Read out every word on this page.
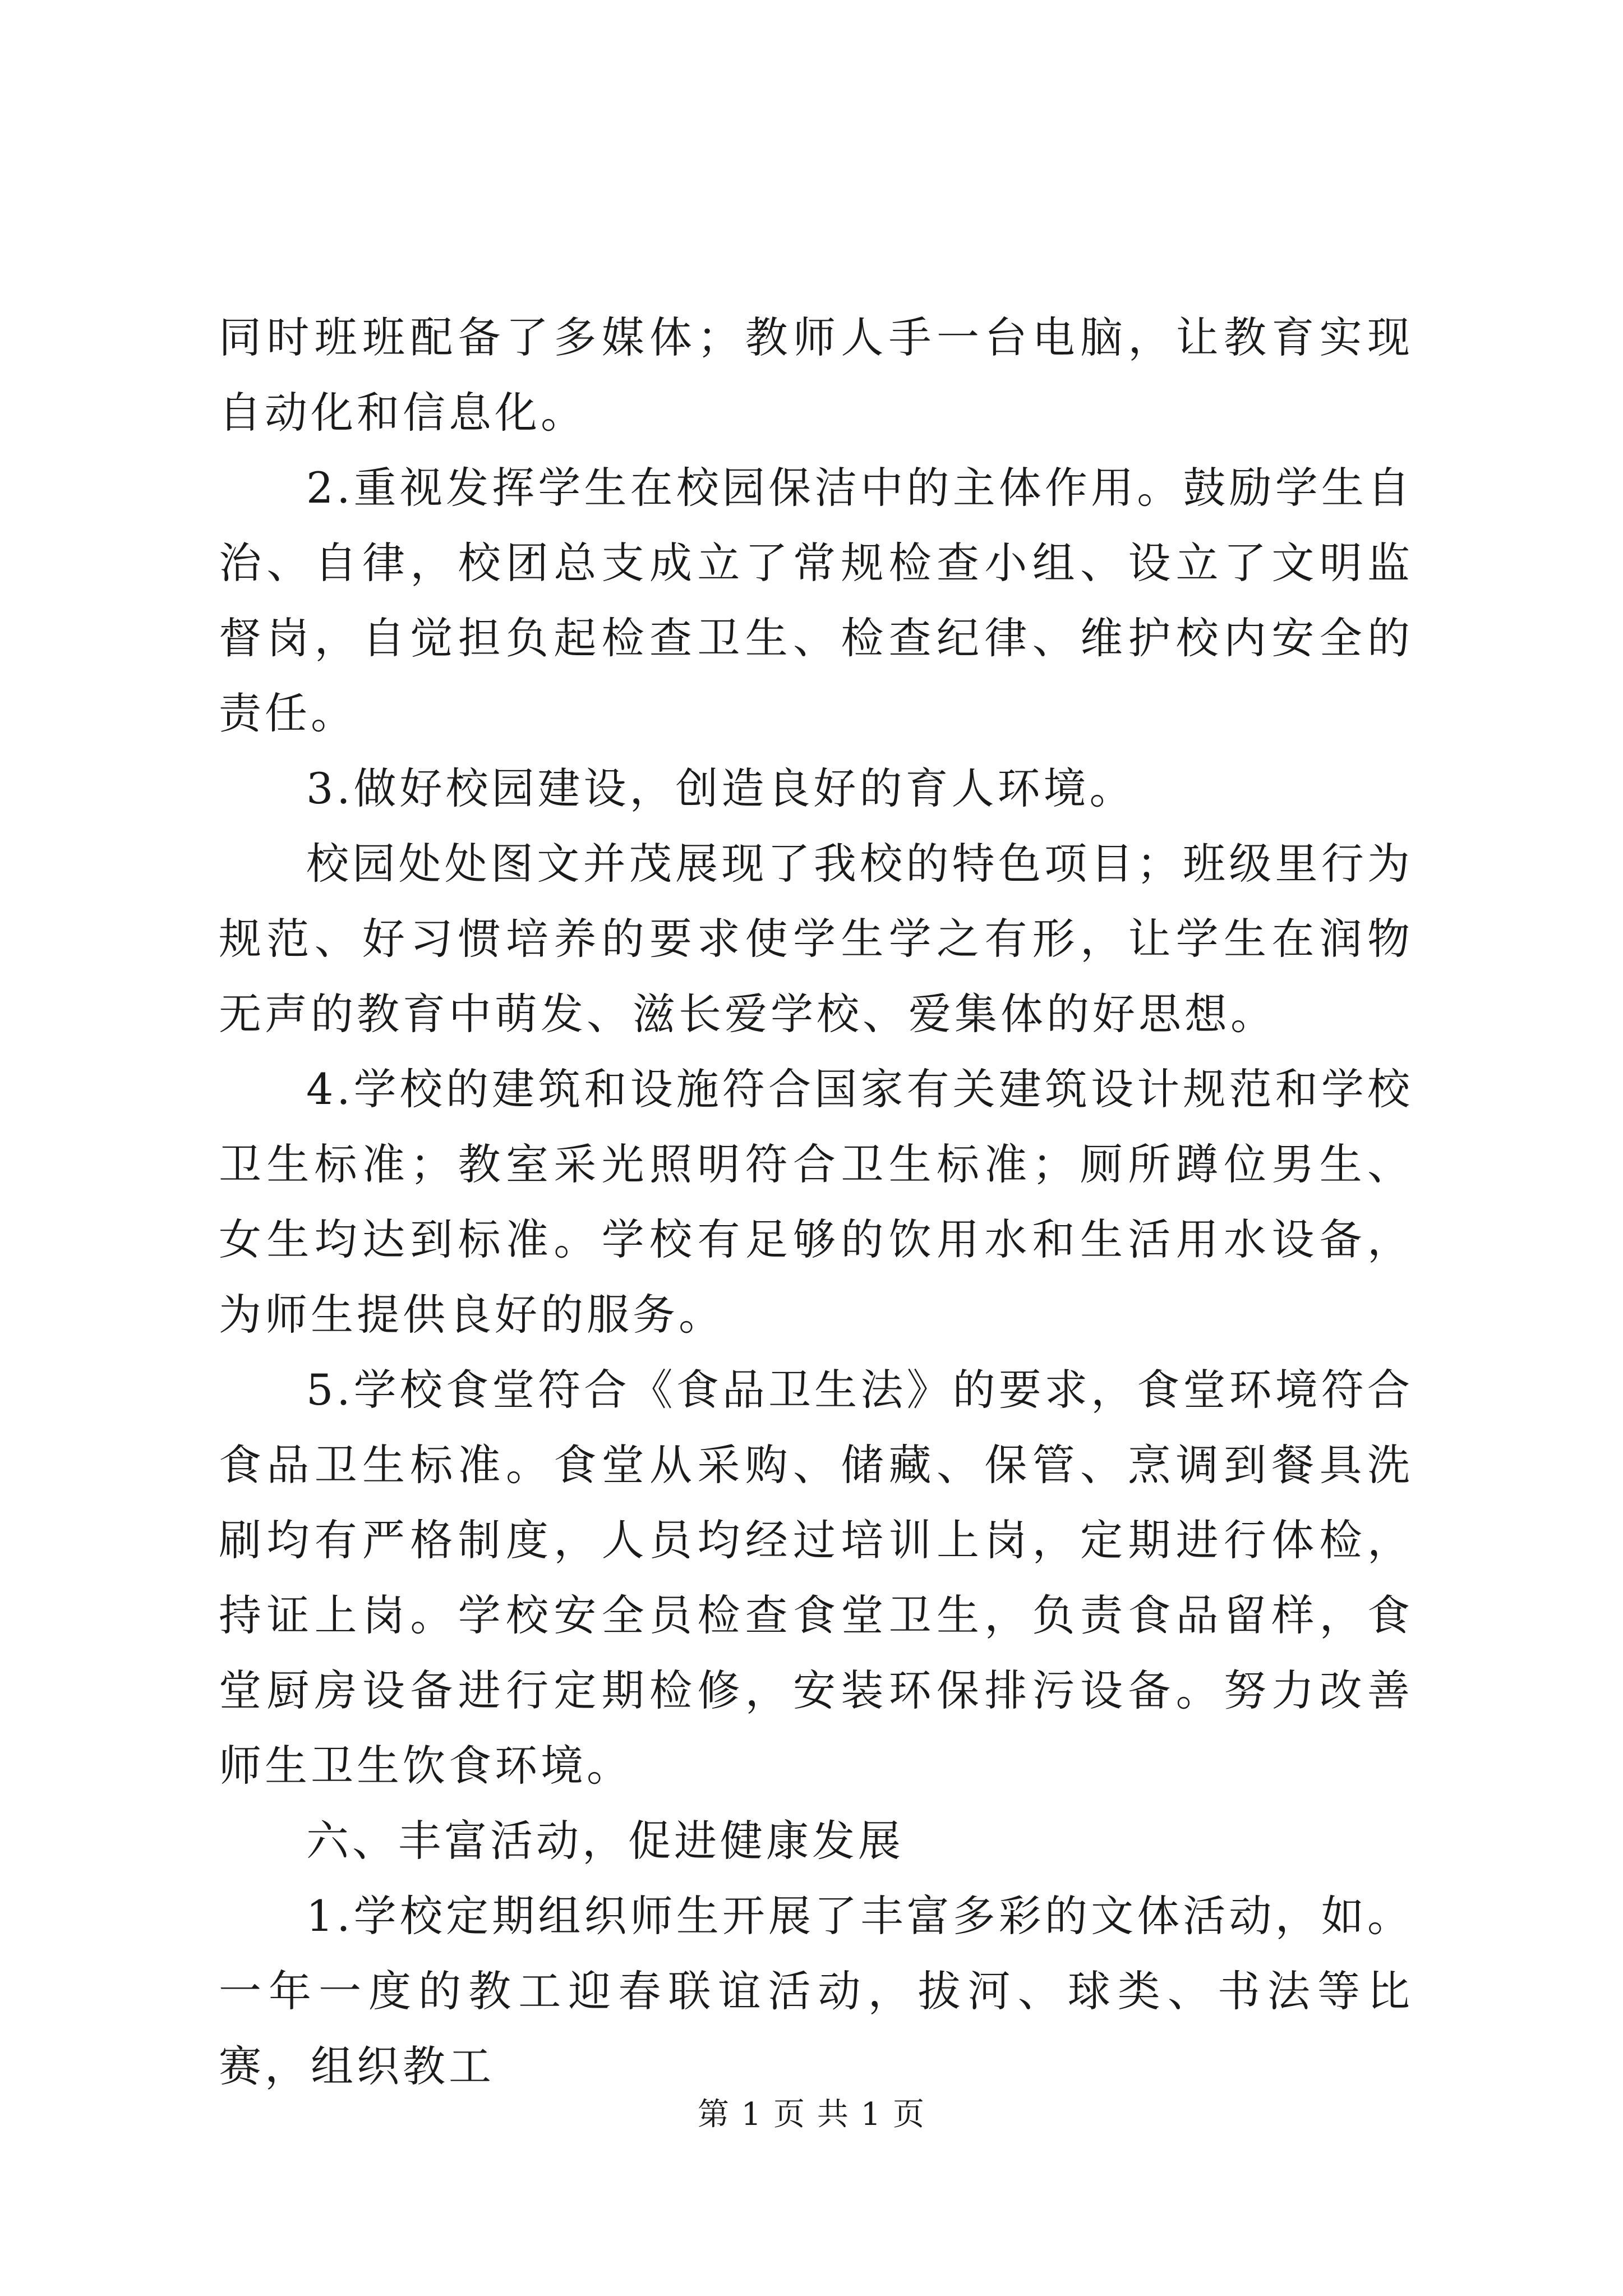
同时班班配备了多媒体；教师人手一台电脑，让教育实现自动化和信息化。

2.重视发挥学生在校园保洁中的主体作用。鼓励学生自治、自律，校团总支成立了常规检查小组、设立了文明监督岗，自觉担负起检查卫生、检查纪律、维护校内安全的责任。

3.做好校园建设，创造良好的育人环境。

校园处处图文并茂展现了我校的特色项目；班级里行为规范、好习惯培养的要求使学生学之有形，让学生在润物无声的教育中萌发、滋长爱学校、爱集体的好思想。

4.学校的建筑和设施符合国家有关建筑设计规范和学校卫生标准；教室采光照明符合卫生标准；厕所蹲位男生、女生均达到标准。学校有足够的饮用水和生活用水设备，为师生提供良好的服务。

5.学校食堂符合《食品卫生法》的要求，食堂环境符合食品卫生标准。食堂从采购、储藏、保管、烹调到餐具洗刷均有严格制度，人员均经过培训上岗，定期进行体检，持证上岗。学校安全员检查食堂卫生，负责食品留样，食堂厨房设备进行定期检修，安装环保排污设备。努力改善师生卫生饮食环境。

六、丰富活动，促进健康发展

1.学校定期组织师生开展了丰富多彩的文体活动，如。一年一度的教工迎春联谊活动，拔河、球类、书法等比赛，组织教工

第 1 页 共 1 页
